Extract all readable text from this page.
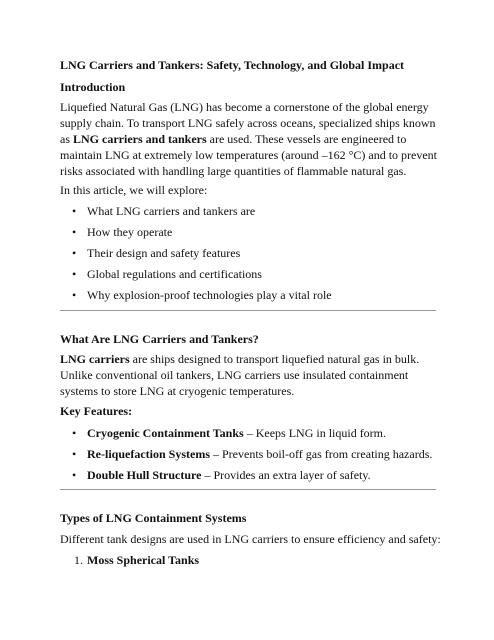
LNG Carriers and Tankers: Safety, Technology, and Global Impact
Introduction
Liquefied Natural Gas (LNG) has become a cornerstone of the global energy supply chain. To transport LNG safely across oceans, specialized ships known as LNG carriers and tankers are used. These vessels are engineered to maintain LNG at extremely low temperatures (around –162 °C) and to prevent risks associated with handling large quantities of flammable natural gas.
In this article, we will explore:
• What LNG carriers and tankers are
• How they operate
• Their design and safety features
• Global regulations and certifications
• Why explosion-proof technologies play a vital role
What Are LNG Carriers and Tankers?
LNG carriers are ships designed to transport liquefied natural gas in bulk. Unlike conventional oil tankers, LNG carriers use insulated containment systems to store LNG at cryogenic temperatures.
Key Features:
• Cryogenic Containment Tanks – Keeps LNG in liquid form.
• Re-liquefaction Systems – Prevents boil-off gas from creating hazards.
• Double Hull Structure – Provides an extra layer of safety.
Types of LNG Containment Systems
Different tank designs are used in LNG carriers to ensure efficiency and safety:
1. Moss Spherical Tanks
